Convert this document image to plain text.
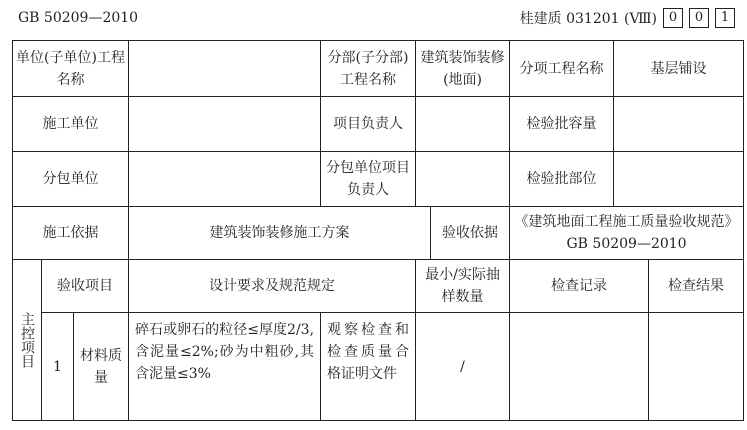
GB 50209—2010	桂建质 031201 (Ⅷ) 0	0	1
单位(子单位)工程名称				分部(子分部)工程名称	建筑装饰装修(地面)		分项工程名称	基层铺设	
施工单位				项目负责人			检验批容量		
分包单位				分包单位项目负责人			检验批部位		
施工依据			建筑装饰装修施工方案			验收依据	《建筑地面工程施工质量验收规范》GB 50209—2010		

主控项目	验收项目		设计要求及规范规定		最小/实际抽样数量		检查记录		检查结果
	1	材料质量	碎石或卵石的粒径≤厚度2/3,含泥量≤2%;砂为中粗砂,其含泥量≤3%	观察检查和检查质量合格证明文件	/				
